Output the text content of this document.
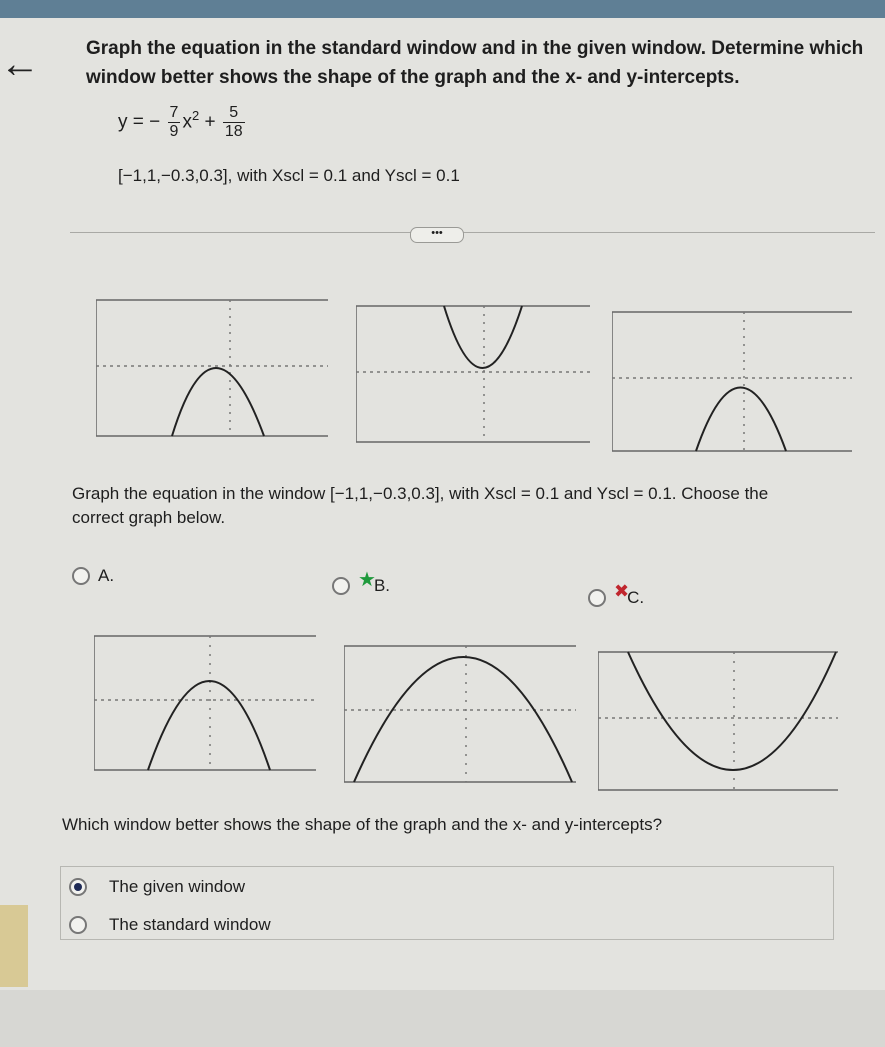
← Graph the equation in the standard window and in the given window. Determine which window better shows the shape of the graph and the x- and y-intercepts.
y = − $\frac{7}{9} x^2 + \frac{5}{18}$
[−1,1,−0.3,0.3], with Xscl = 0.1 and Yscl = 0.1
•••
Graph the equation in the window [−1,1,−0.3,0.3], with Xscl = 0.1 and Yscl = 0.1. Choose the correct graph below.
A.	★
B.	✖
C.
Which window better shows the shape of the graph and the x- and y-intercepts?
The given window
The standard window
